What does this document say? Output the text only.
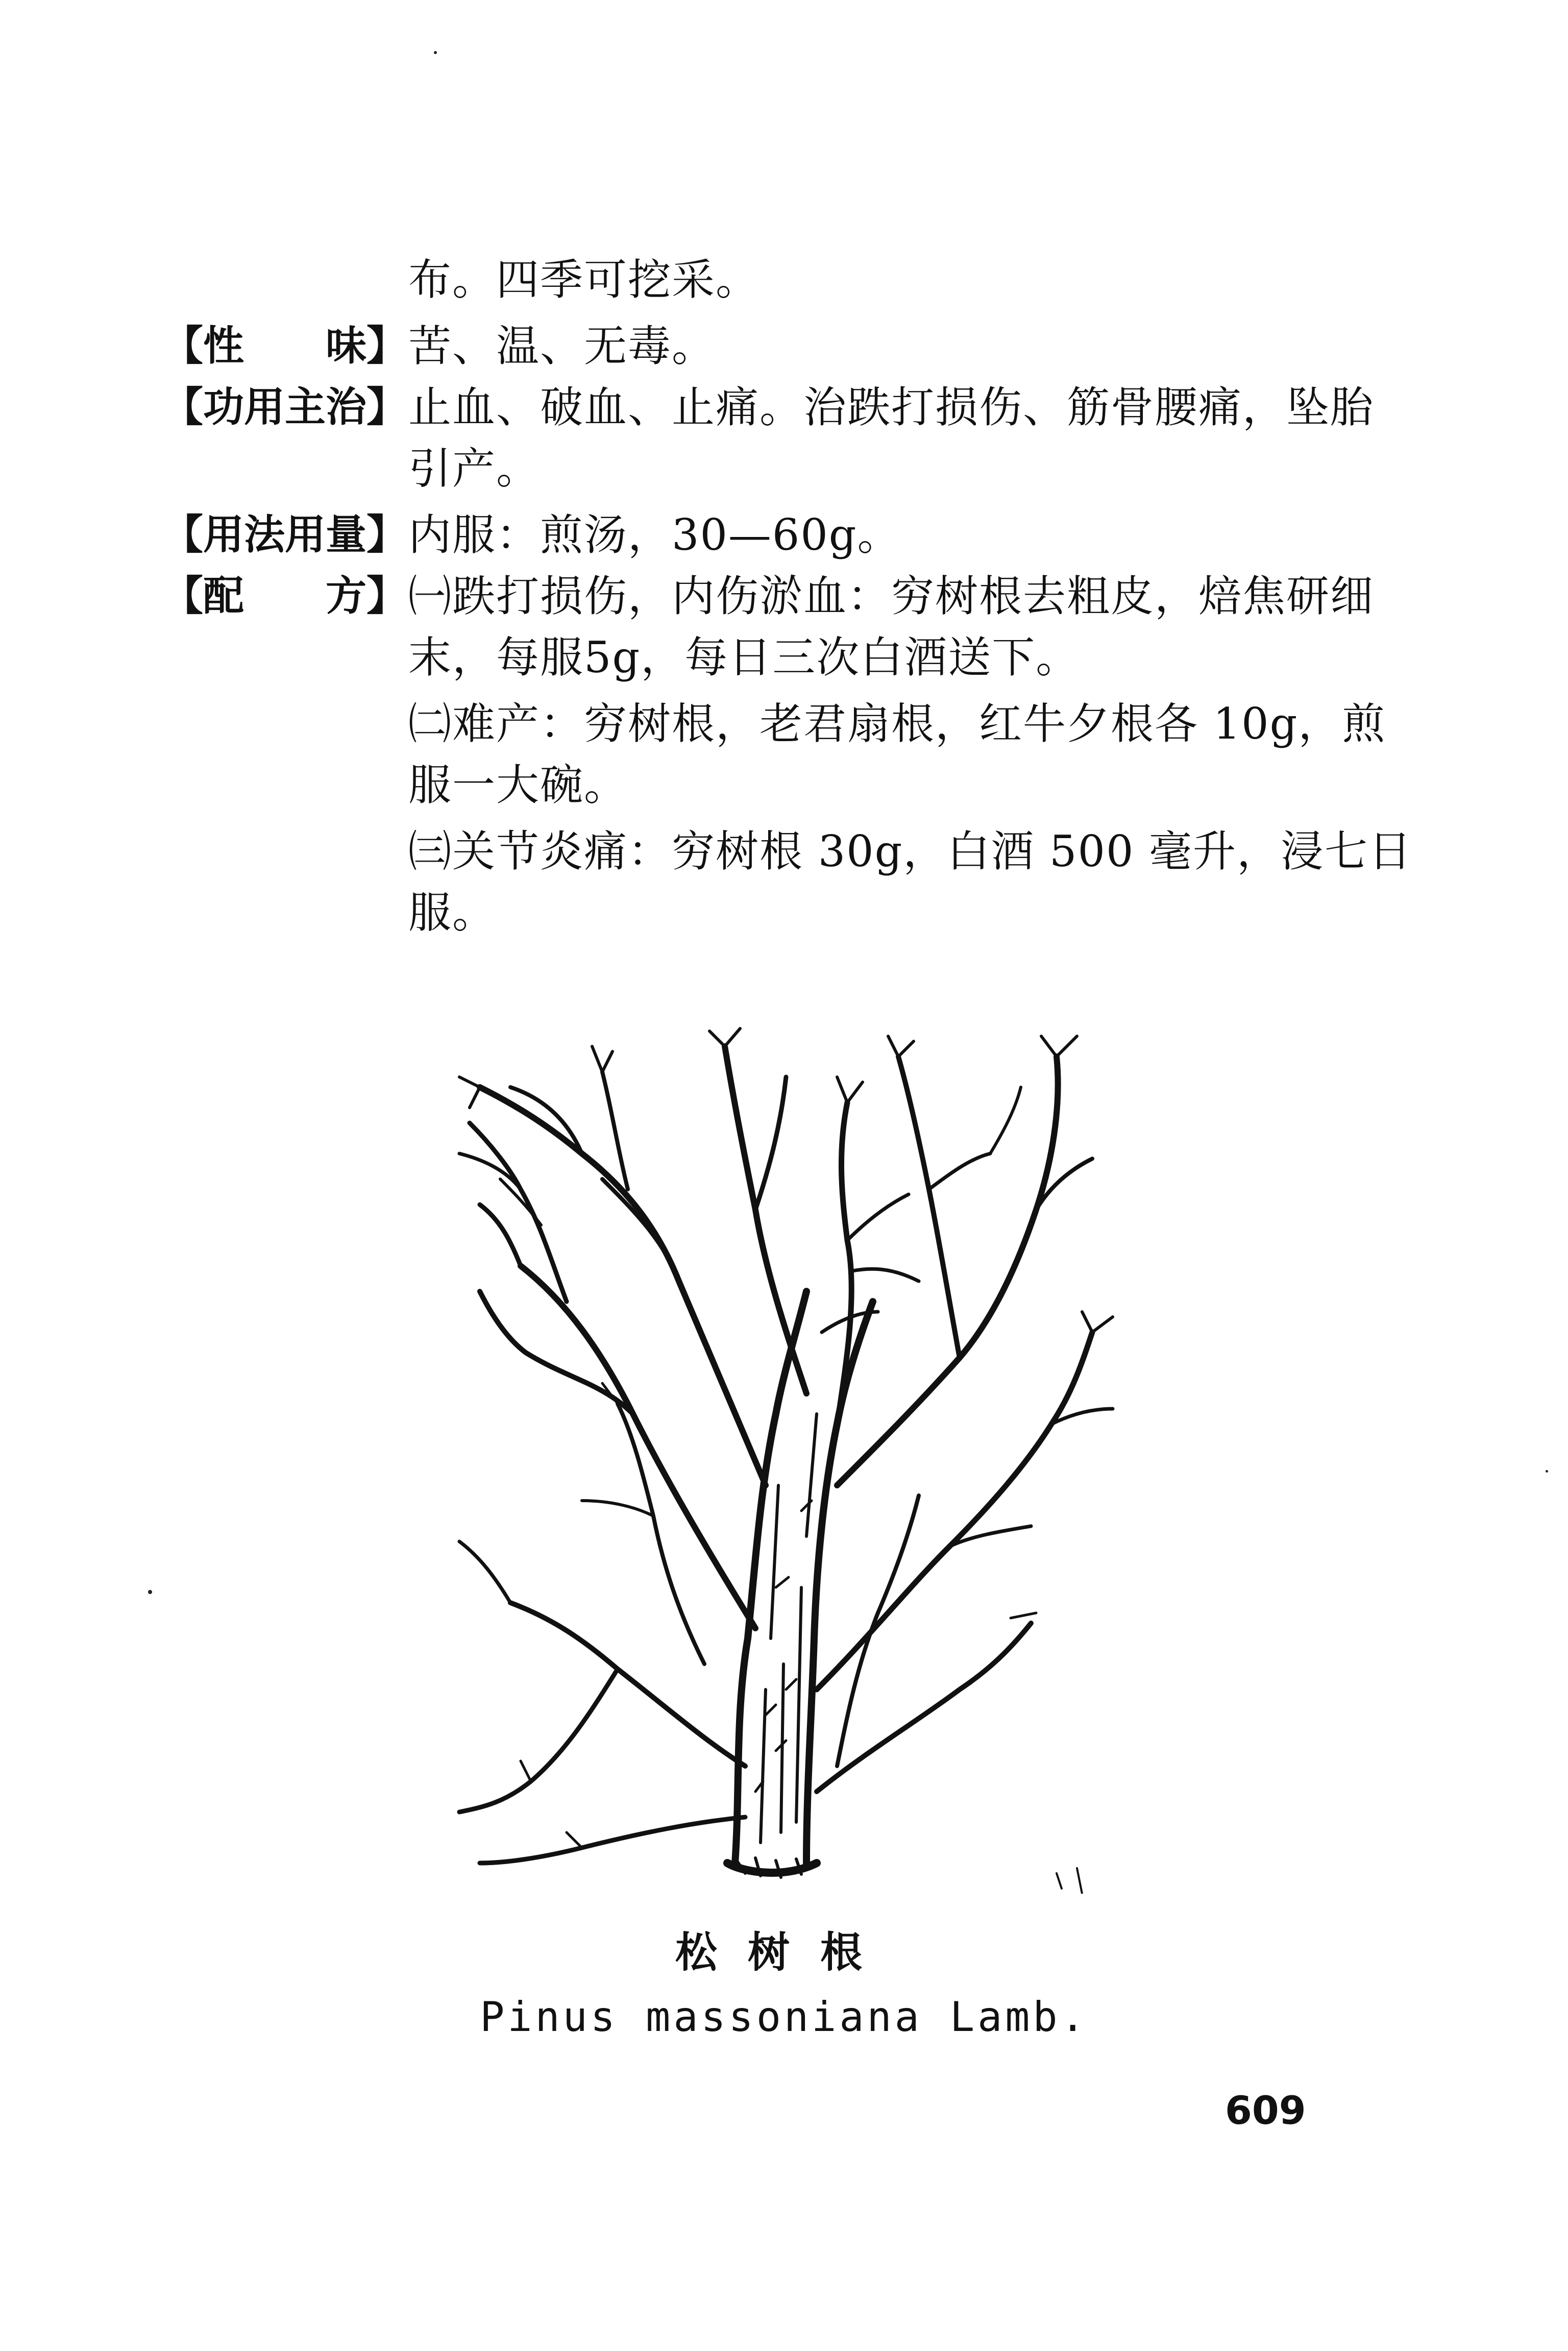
布。四季可挖采。
【性　　味】 苦、温、无毒。
【功用主治】 止血、破血、止痛。治跌打损伤、筋骨腰痛，坠胎
引产。
【用法用量】 内服：煎汤，30—60g。
【配　　方】 ㈠跌打损伤，内伤淤血：穷树根去粗皮，焙焦研细
末，每服5g，每日三次白酒送下。
㈡难产：穷树根，老君扇根，红牛夕根各 10g，煎
服一大碗。
㈢关节炎痛：穷树根 30g，白酒 500 毫升，浸七日
服。
松树根
Pinus massoniana Lamb.
609
